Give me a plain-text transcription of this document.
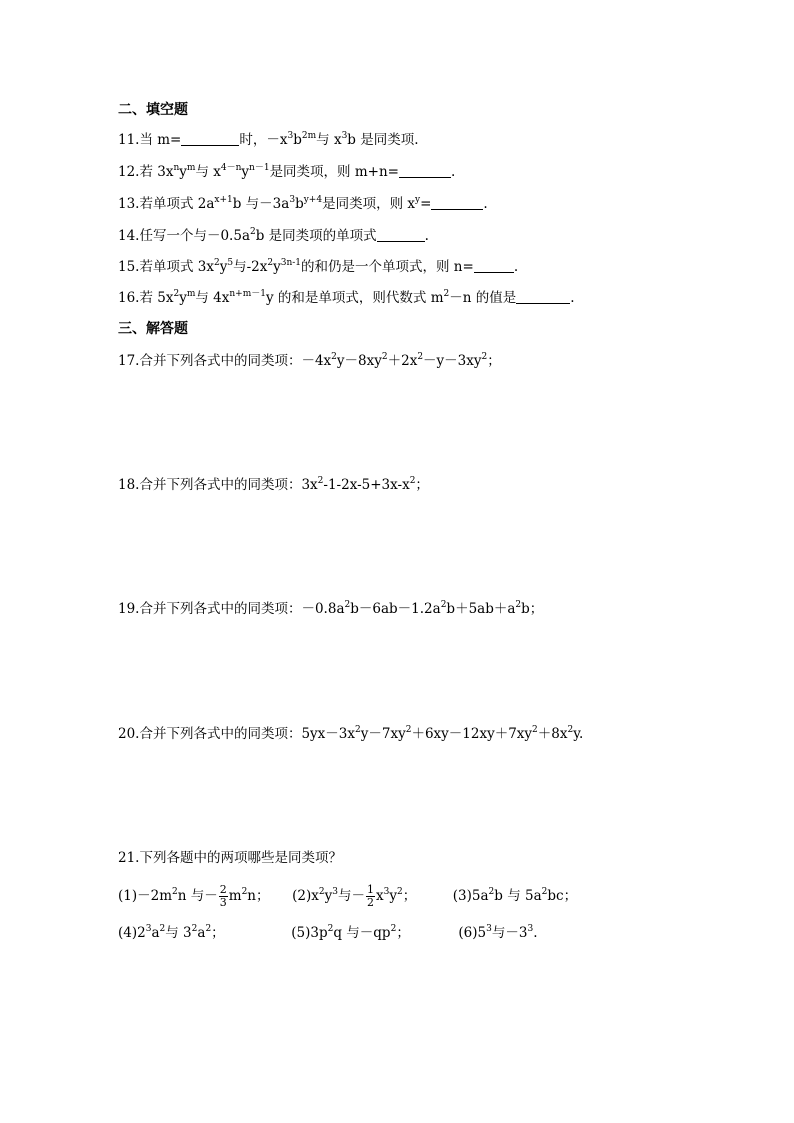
二、填空题
11.当 m=	时，$-x^3b^{2m}$与 $x^3b$ 是同类项.
12.若 $3x^ny^m$与 $x^{4-n}y^{n-1}$是同类项，则 m+n=	.
13.若单项式 $2a^{x+1}b$ 与$-3a^3b^{y+4}$是同类项，则 $x^y=$	.
14.任写一个与$-0.5a^2b$ 是同类项的单项式	.
15.若单项式 $3x^2y^5$与$-2x^2y^{3n-1}$的和仍是一个单项式，则 n=	.
16.若 $5x^2y^m$与 $4x^{n+m-1}y$ 的和是单项式，则代数式 $m^2-n$ 的值是	.
三、解答题
17.合并下列各式中的同类项：$-4x^2y-8xy^2+2x^2-y-3xy^2$；
18.合并下列各式中的同类项：$3x^2-1-2x-5+3x-x^2$；
19.合并下列各式中的同类项：$-0.8a^2b-6ab-1.2a^2b+5ab+a^2b$；
20.合并下列各式中的同类项：$5yx-3x^2y-7xy^2+6xy-12xy+7xy^2+8x^2y$.
21.下列各题中的两项哪些是同类项？
$(1)-2m^2n$ 与－ $\frac{2}{3} m^2n$； $(2)x^2y^3$与－ $\frac{1}{2} x^3y^2$；	$(3)5a^2b$ 与 $5a^2bc$；
$(4)2^3a^2$与 $3^2a^2$；	$(5)3p^2q$ 与$-qp^2$；	$(6)5^3$与$-3^3$.
